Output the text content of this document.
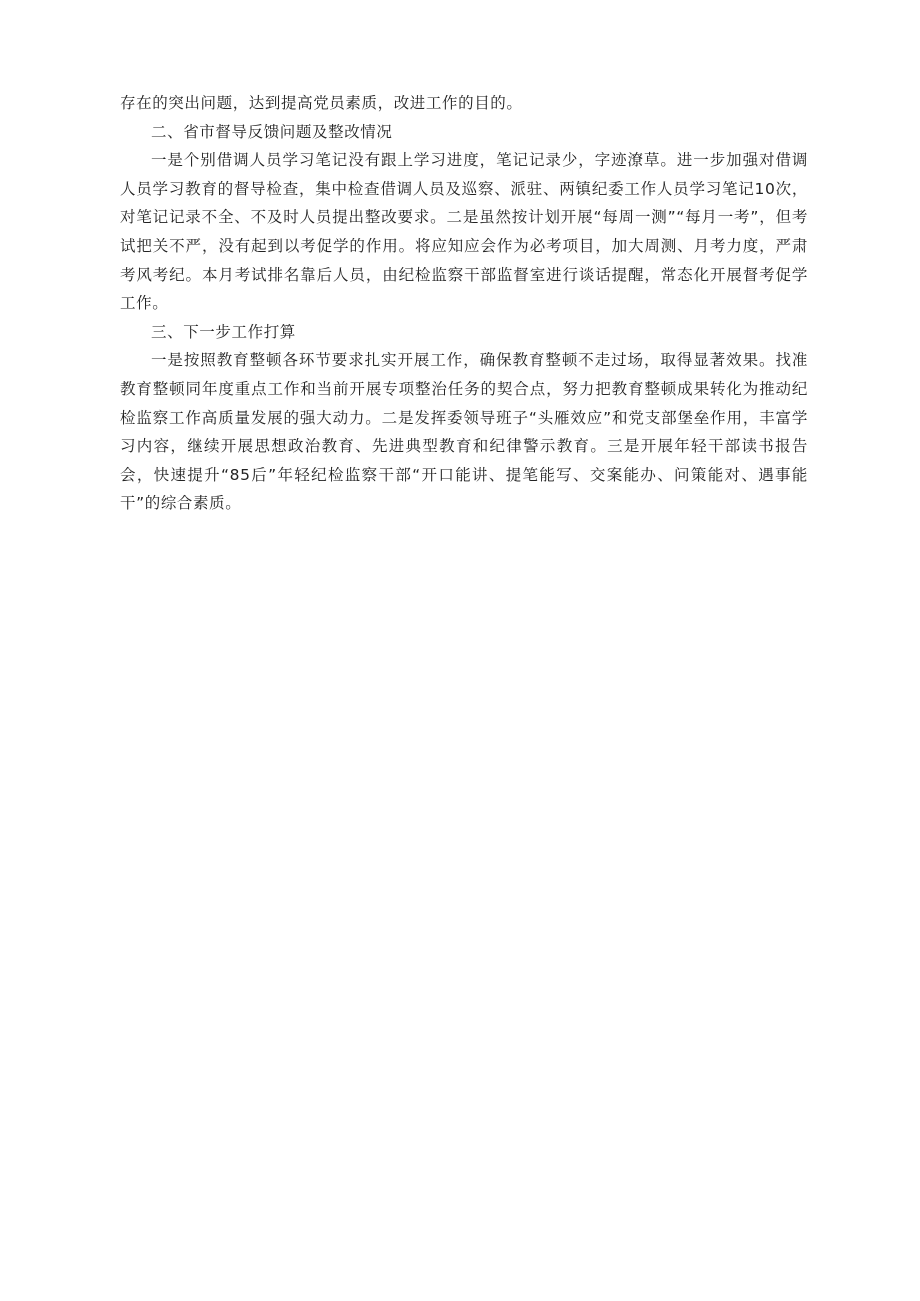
存在的突出问题，达到提高党员素质，改进工作的目的。

二、省市督导反馈问题及整改情况

一是个别借调人员学习笔记没有跟上学习进度，笔记记录少，字迹潦草。进一步加强对借调人员学习教育的督导检查，集中检查借调人员及巡察、派驻、两镇纪委工作人员学习笔记10次，对笔记记录不全、不及时人员提出整改要求。二是虽然按计划开展“每周一测”“每月一考”，但考试把关不严，没有起到以考促学的作用。将应知应会作为必考项目，加大周测、月考力度，严肃考风考纪。本月考试排名靠后人员，由纪检监察干部监督室进行谈话提醒，常态化开展督考促学工作。

三、下一步工作打算

一是按照教育整顿各环节要求扎实开展工作，确保教育整顿不走过场，取得显著效果。找准教育整顿同年度重点工作和当前开展专项整治任务的契合点，努力把教育整顿成果转化为推动纪检监察工作高质量发展的强大动力。二是发挥委领导班子“头雁效应”和党支部堡垒作用，丰富学习内容，继续开展思想政治教育、先进典型教育和纪律警示教育。三是开展年轻干部读书报告会，快速提升“85后”年轻纪检监察干部“开口能讲、提笔能写、交案能办、问策能对、遇事能干”的综合素质。
